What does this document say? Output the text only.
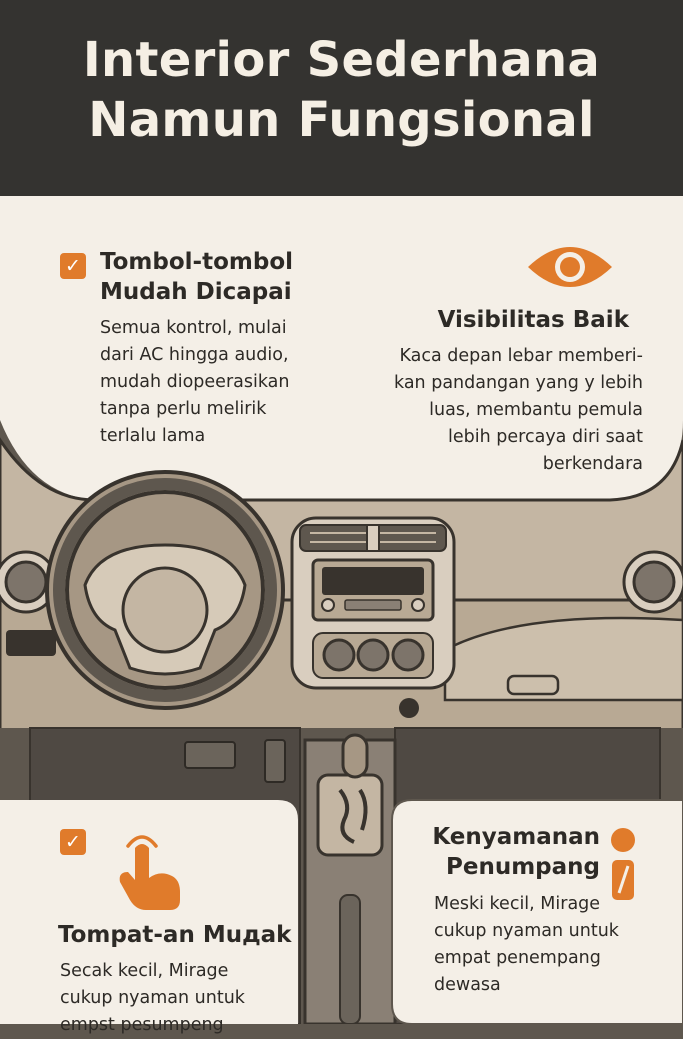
Interior Sederhana
Namun Fungsional
✓ Tombol-tombol
Mudah Dicapai
Semua kontrol, mulai
dari AC hingga audio,
mudah diopeerasikan
tanpa perlu melirik
terlalu lama
Visibilitas Baik
Kaca depan lebar memberi-
kan pandangan yang y lebih
luas, membantu pemula
lebih percaya diri saat
berkendara
✓
Tompat-an Muдak
Secak kecil, Mirage
cukup nyaman untuk
empst pesumpeng
Kenyamanan
Penumpang
Meski kecil, Mirage
cukup nyaman untuk
empat penempang
dewasa
